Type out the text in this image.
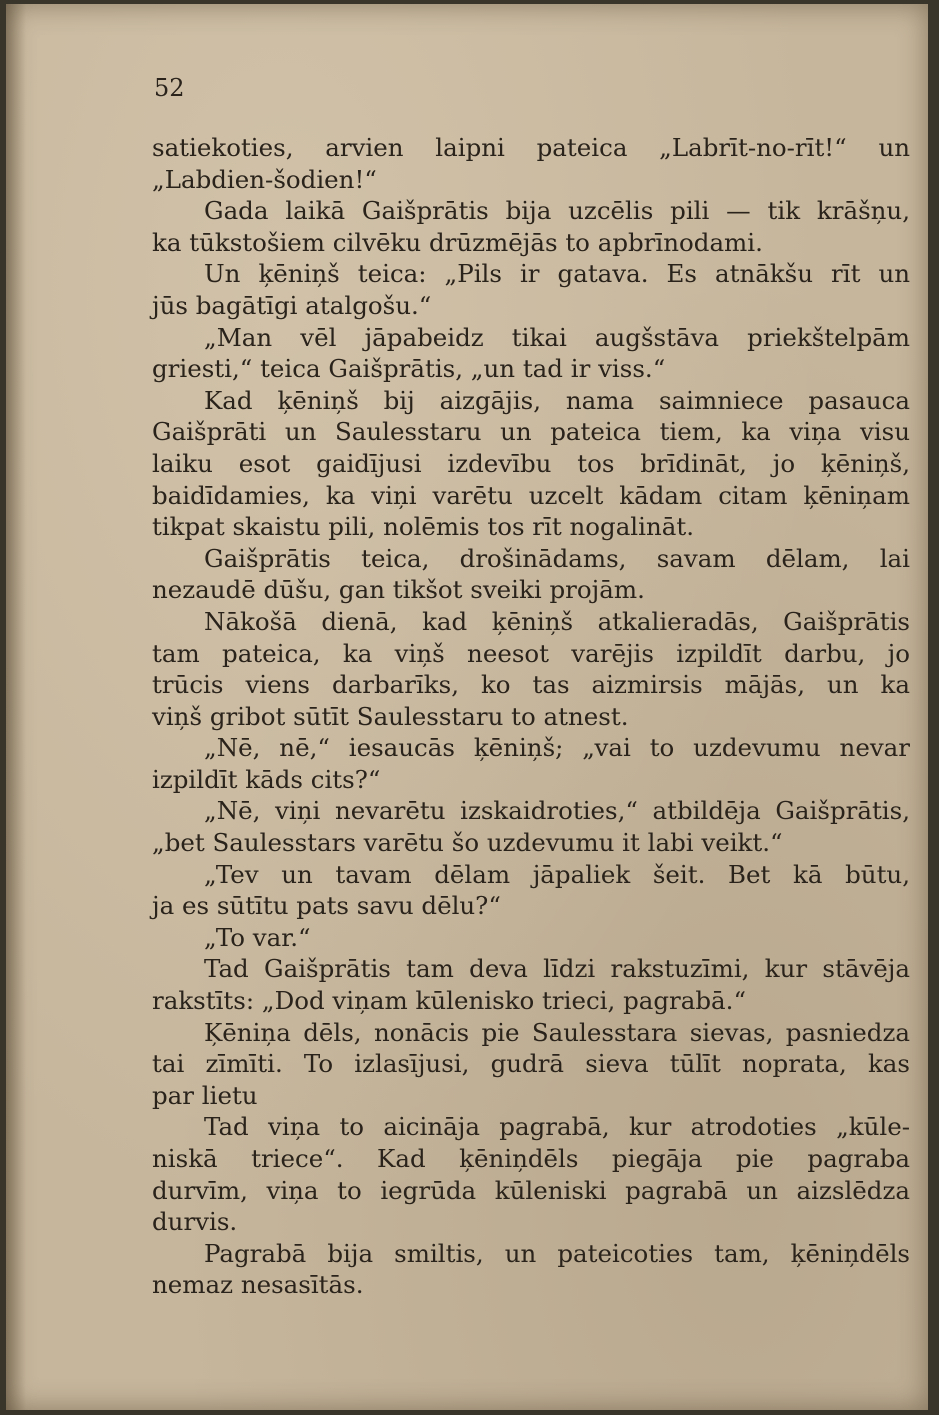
52
satiekoties, arvien laipni pateica „Labrīt-no-rīt!“ un
„Labdien-šodien!“
Gada laikā Gaišprātis bija uzcēlis pili — tik krāšņu,
ka tūkstošiem cilvēku drūzmējās to apbrīnodami.
Un ķēniņš teica: „Pils ir gatava. Es atnākšu rīt un
jūs bagātīgi atalgošu.“
„Man vēl jāpabeidz tikai augšstāva priekštelpām
griesti,“ teica Gaišprātis, „un tad ir viss.“
Kad ķēniņš bij aizgājis, nama saimniece pasauca
Gaišprāti un Saulesstaru un pateica tiem, ka viņa visu
laiku esot gaidījusi izdevību tos brīdināt, jo ķēniņš,
baidīdamies, ka viņi varētu uzcelt kādam citam ķēniņam
tikpat skaistu pili, nolēmis tos rīt nogalināt.
Gaišprātis teica, drošinādams, savam dēlam, lai
nezaudē dūšu, gan tikšot sveiki projām.
Nākošā dienā, kad ķēniņš atkalieradās, Gaišprātis
tam pateica, ka viņš neesot varējis izpildīt darbu, jo
trūcis viens darbarīks, ko tas aizmirsis mājās, un ka
viņš gribot sūtīt Saulesstaru to atnest.
„Nē, nē,“ iesaucās ķēniņš; „vai to uzdevumu nevar
izpildīt kāds cits?“
„Nē, viņi nevarētu izskaidroties,“ atbildēja Gaišprātis,
„bet Saulesstars varētu šo uzdevumu it labi veikt.“
„Tev un tavam dēlam jāpaliek šeit. Bet kā būtu,
ja es sūtītu pats savu dēlu?“
„To var.“
Tad Gaišprātis tam deva līdzi rakstuzīmi, kur stāvēja
rakstīts: „Dod viņam kūlenisko trieci, pagrabā.“
Ķēniņa dēls, nonācis pie Saulesstara sievas, pasniedza
tai zīmīti. To izlasījusi, gudrā sieva tūlīt noprata, kas
par lietu
Tad viņa to aicināja pagrabā, kur atrodoties „kūle-
niskā triece“. Kad ķēniņdēls piegāja pie pagraba
durvīm, viņa to iegrūda kūleniski pagrabā un aizslēdza
durvis.
Pagrabā bija smiltis, un pateicoties tam, ķēniņdēls
nemaz nesasītās.
